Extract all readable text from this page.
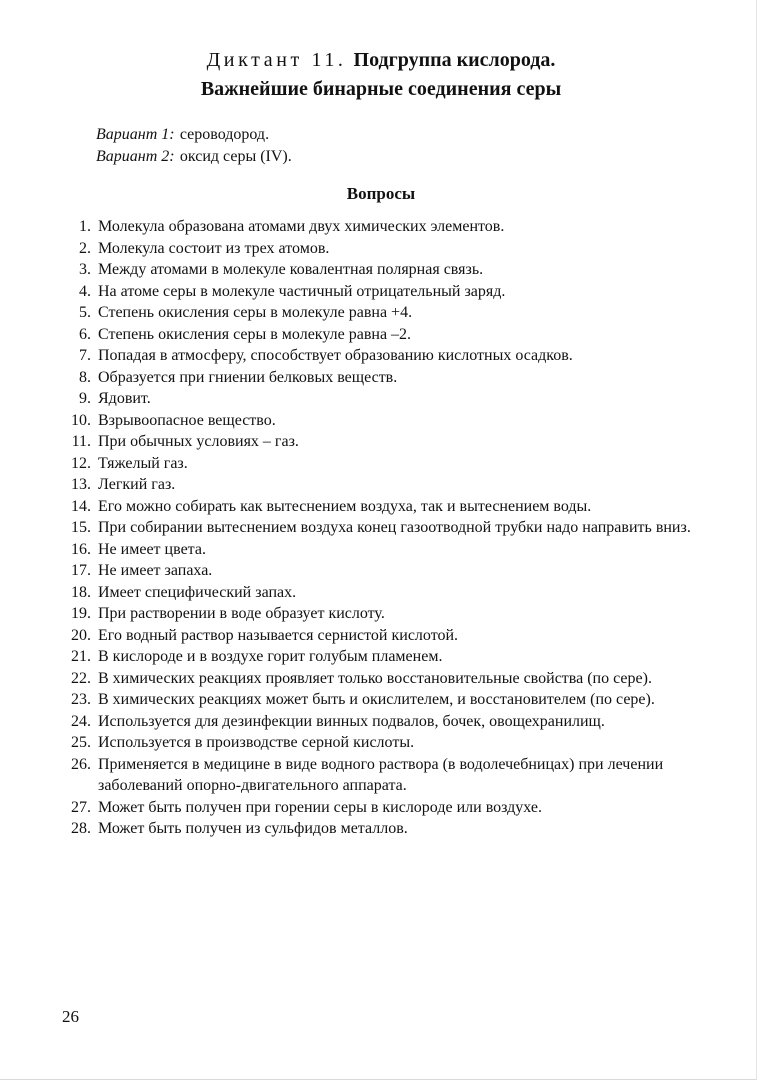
Диктант 11. Подгруппа кислорода.
Важнейшие бинарные соединения серы

Вариант 1: сероводород.

Вариант 2: оксид серы (IV).

Вопросы
1. Молекула образована атомами двух химических элементов.
2. Молекула состоит из трех атомов.
3. Между атомами в молекуле ковалентная полярная связь.
4. На атоме серы в молекуле частичный отрицательный заряд.
5. Степень окисления серы в молекуле равна +4.
6. Степень окисления серы в молекуле равна –2.
7. Попадая в атмосферу, способствует образованию кислотных осадков.
8. Образуется при гниении белковых веществ.
9. Ядовит.
10. Взрывоопасное вещество.
11. При обычных условиях – газ.
12. Тяжелый газ.
13. Легкий газ.
14. Его можно собирать как вытеснением воздуха, так и вытеснением воды.
15. При собирании вытеснением воздуха конец газоотводной трубки надо направить вниз.
16. Не имеет цвета.
17. Не имеет запаха.
18. Имеет специфический запах.
19. При растворении в воде образует кислоту.
20. Его водный раствор называется сернистой кислотой.
21. В кислороде и в воздухе горит голубым пламенем.
22. В химических реакциях проявляет только восстановительные свойства (по сере).
23. В химических реакциях может быть и окислителем, и восстановителем (по сере).
24. Используется для дезинфекции винных подвалов, бочек, овощехранилищ.
25. Используется в производстве серной кислоты.
26. Применяется в медицине в виде водного раствора (в водолечебницах) при лечении заболеваний опорно-двигательного аппарата.
27. Может быть получен при горении серы в кислороде или воздухе.
28. Может быть получен из сульфидов металлов.
26
